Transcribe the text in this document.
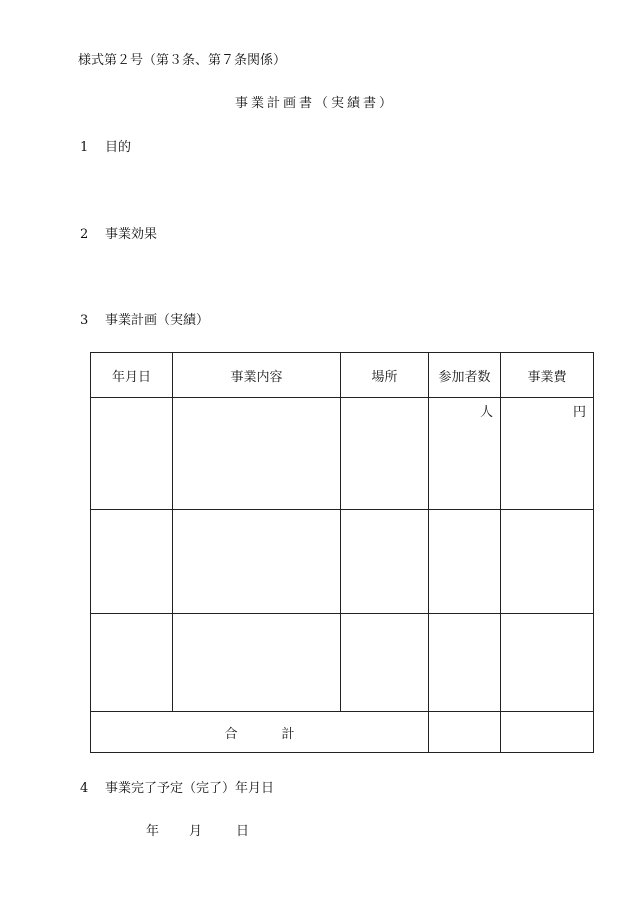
様式第２号（第３条、第７条関係）
事業計画書（実績書）
1 目的
2 事業効果
3 事業計画（実績）
年月日	事業内容	場所	参加者数	事業費
			人	円

合計				
4 事業完了予定（完了）年月日
年 月	日
